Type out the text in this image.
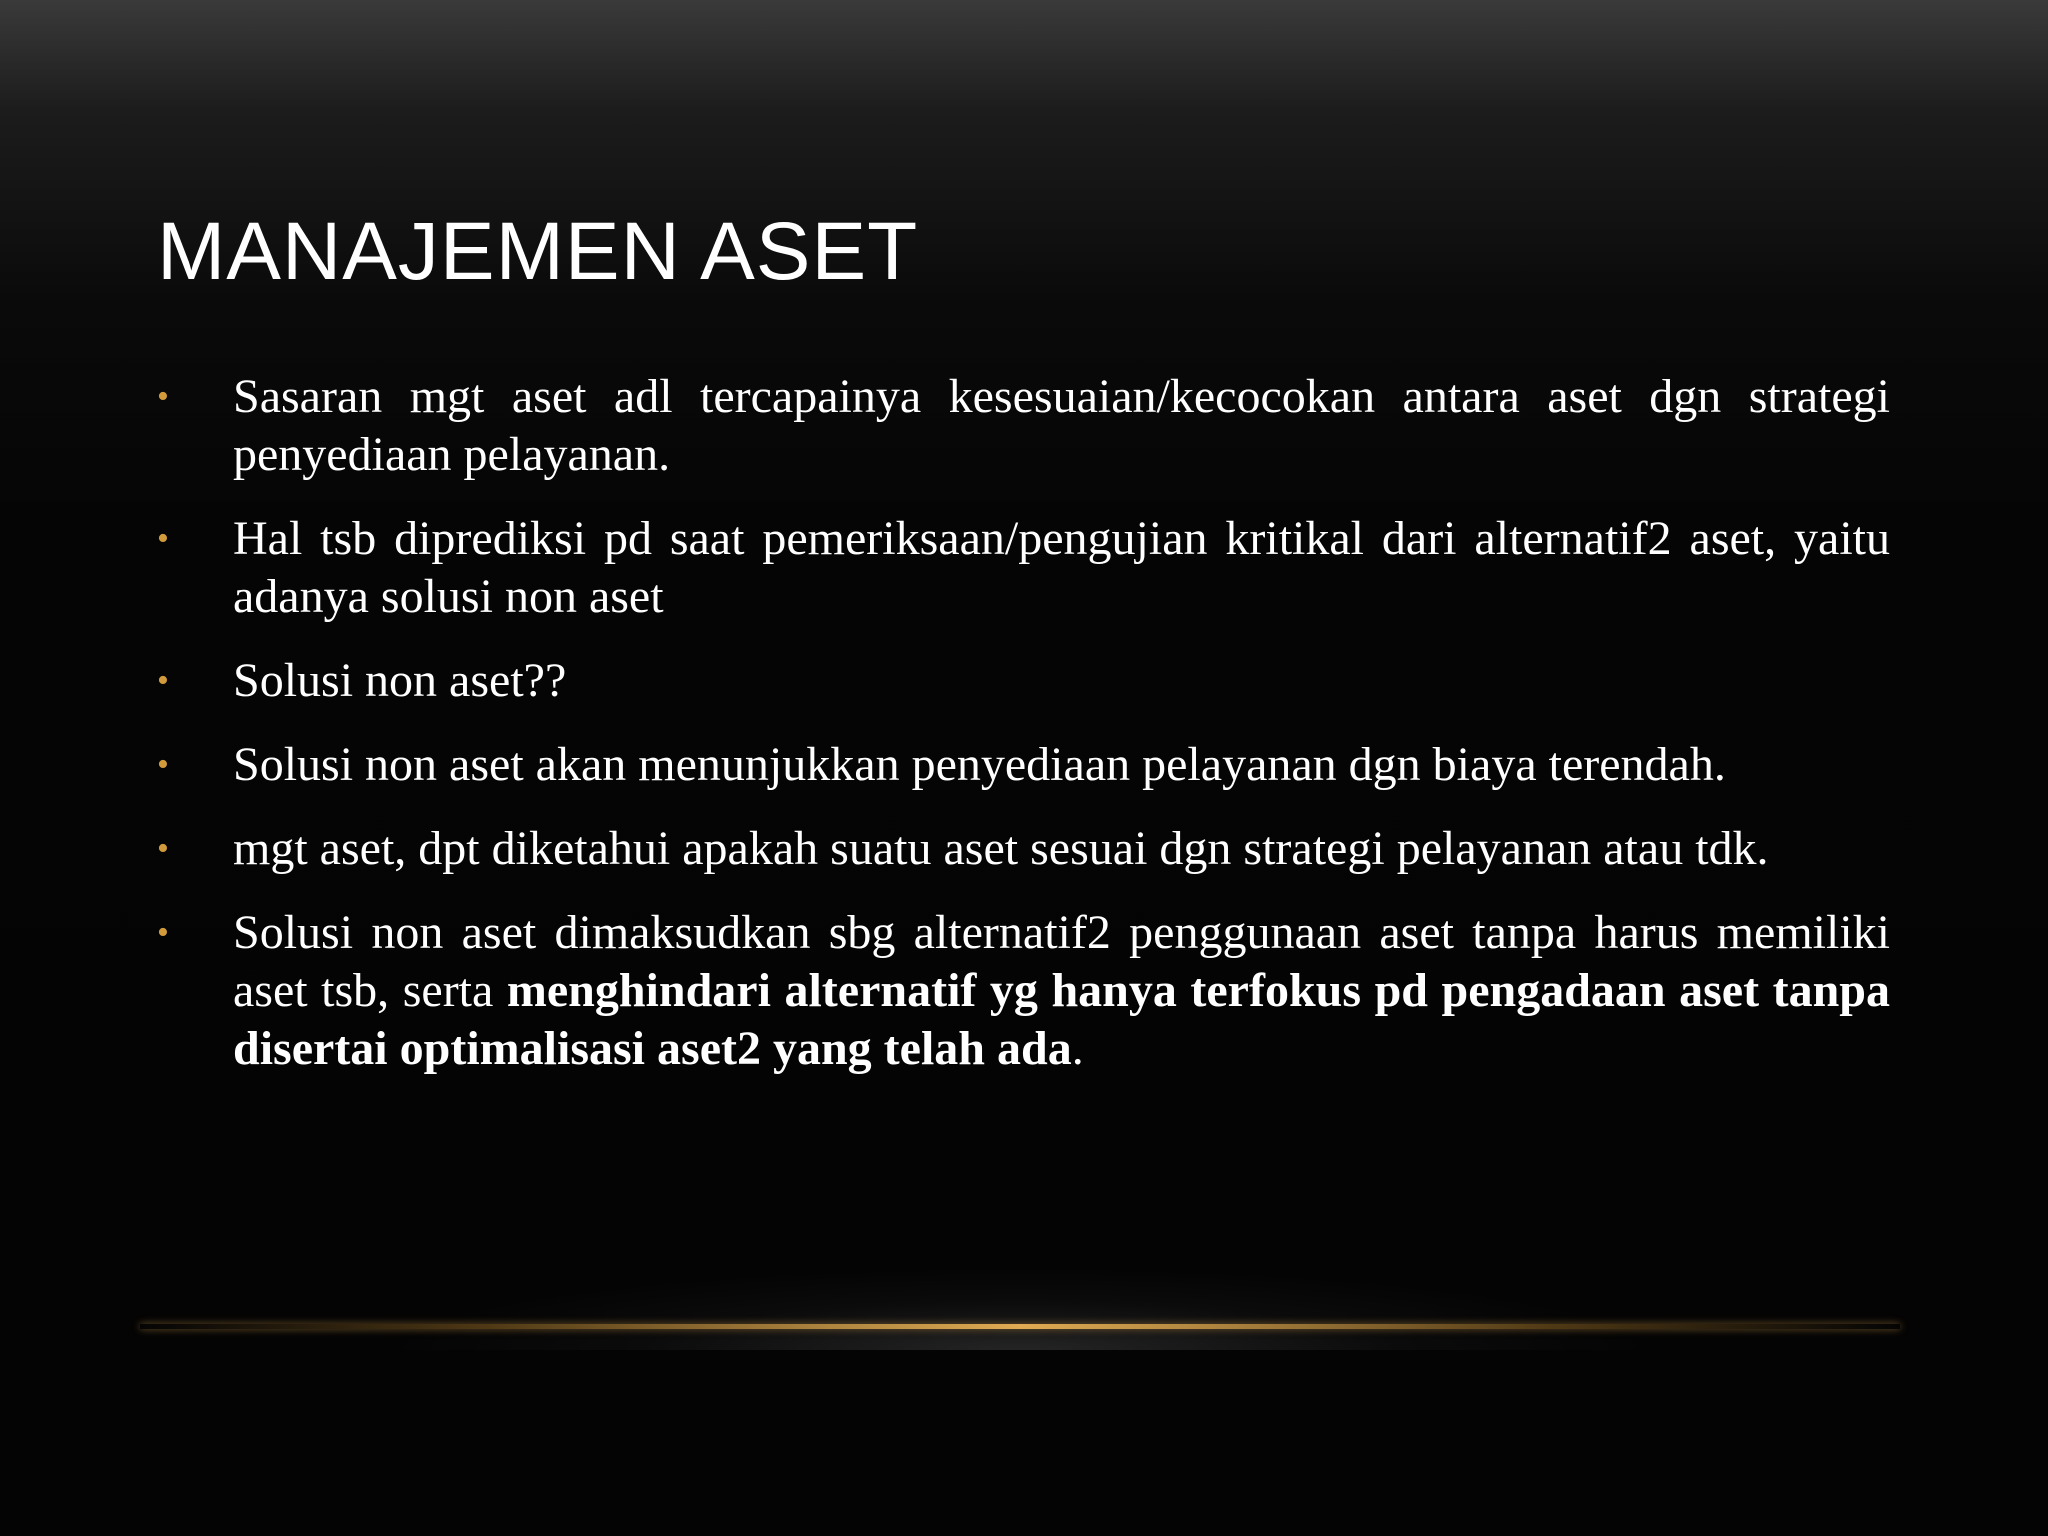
MANAJEMEN ASET
• Sasaran mgt aset adl tercapainya kesesuaian/kecocokan antara aset dgn strategi penyediaan pelayanan.
• Hal tsb diprediksi pd saat pemeriksaan/pengujian kritikal dari alternatif2 aset, yaitu adanya solusi non aset
• Solusi non aset??
• Solusi non aset akan menunjukkan penyediaan pelayanan dgn biaya terendah.
• mgt aset, dpt diketahui apakah suatu aset sesuai dgn strategi pelayanan atau tdk.
• Solusi non aset dimaksudkan sbg alternatif2 penggunaan aset tanpa harus memiliki aset tsb, serta menghindari alternatif yg hanya terfokus pd pengadaan aset tanpa disertai optimalisasi aset2 yang telah ada.
